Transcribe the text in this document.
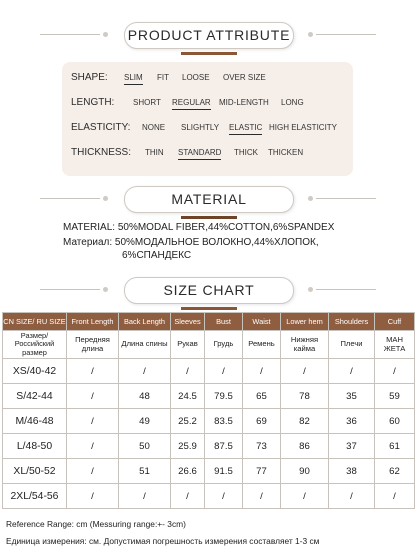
PRODUCT ATTRIBUTE
SHAPE: SLIM FIT LOOSE OVER SIZE
LENGTH: SHORT REGULAR MID-LENGTH LONG
ELASTICITY: NONE SLIGHTLY ELASTIC HIGH ELASTICITY
THICKNESS: THIN STANDARD THICK THICKEN
MATERIAL
MATERIAL: 50%MODAL FIBER,44%COTTON,6%SPANDEX
Материал: 50%МОДАЛЬНОЕ ВОЛОКНО,44%ХЛОПОК,
6%СПАНДЕКС
SIZE CHART
CN SIZE/ RU SIZE	Front Length	Back Length	Sleeves	Bust	Waist	Lower hem	Shoulders	Cuff
Размер/ Российский размер	Передняя длина	Длина спины	Рукав	Грудь	Ремень	Нижняя кайма	Плечи	МАН ЖЕТА
XS/40-42	/	/	/	/	/	/	/	/
S/42-44	/	48	24.5	79.5	65	78	35	59
M/46-48	/	49	25.2	83.5	69	82	36	60
L/48-50	/	50	25.9	87.5	73	86	37	61
XL/50-52	/	51	26.6	91.5	77	90	38	62
2XL/54-56	/	/	/	/	/	/	/	/
Reference Range: cm (Messuring range:+- 3cm)
Единица измерения: см. Допустимая погрешность измерения составляет 1-3 см
